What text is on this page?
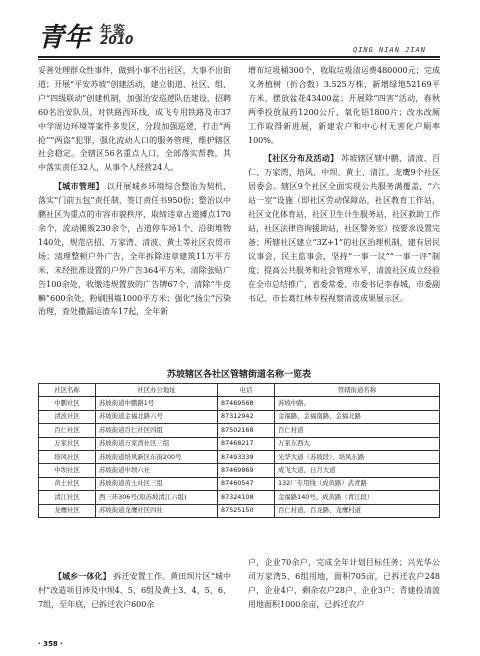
青年 年鉴
2010
QING NIAN JIAN

妥善处理群众性事件，做到小事不出社区，大事不出街道；开展“平安苏坡”创建活动，建立街道、社区、组、户“四级联动”创建机制，加强治安巡逻队伍建设，招聘60名治安队员，对铁路西环线，成飞专用铁路及市37中学周边环境等案件多发区，分段加强巡逻，打击“两抢”“两盗”犯罪，强化流动人口的服务管理，维护辖区社会稳定。全辖区56名重点人口，全部落实帮教，其中落实责任32人，从事个人经营24人。

【城市管理】 以开展城乡环境综合整治为契机，落实“门前五包”责任制，签订责任书950份；整治以中鹏社区为重点的市容市貌秩序，取缔违章占道摊点170余个，流动摊贩230余个，占道停车场1个、沿街堆物140处，规范店招、万家湾、清波、黄土等社区农贸市场；清理整顿户外广告，全年拆除违章建筑11万平方米，未经批准设置的户外广告364平方米，清除张贴广告100余处，收缴违规置放的广告牌67个，清除“牛皮癣”600余处，粉刷围墙1000平方米；强化“扬尘”污染治理，查处撒漏运渣车17起，全年新

增布垃圾桶300个，收取垃圾清运费480000元；完成义务植树（折合数）3.525万株，新增绿地52169平方米，摆放盆花43400盆；开展除“四害”活动，春秋两季投放鼠药1200公斤、氧化铝1800片；改水改厕工作取得新进展，新建农户和中心村无害化户厕率100%。

【社区分布及活动】 苏坡辖区辖中鹏、清波、百仁、万家湾、培风、中坝、黄土、清江、龙鹰9个社区居委会。辖区9个社区全面实现公共服务满覆盖，“六站一室”设施（即社区劳动保障站，社区教育工作站，社区文化体育站，社区卫生计生服务站，社区救助工作站，社区法律咨询援助站，社区警务室）按要求设置完备；所辖社区建立“3Z+1”的社区治理机制，建有居民议事会，民主监事会，坚持“一事一议”“一事一评”制度；提高公共服务和社会管理水平，清波社区成立经验在全市总结推广，省委常委、市委书记李春城，市委副书记、市长葛红林专程视察清波成果展示区。

苏坡辖区各社区管辖街道名称一览表
社区名称	社区办公地址	电话	管辖街道名称
中鹏社区	苏坡街道中鹏路1号	87469568	苏坡中路、
清波社区	苏坡街道金福北路六号	87312942	金福路、金福南路、金福北路
百仁社区	苏坡街道百仁社区四组	87502168	百仁村道
万家社区	苏坡街道万家湾社区三组	87468217	万家东西大
培风社区	苏坡街道培风新区东街200号	87493339	光华大道（苏坡段）、培风东路
中坝社区	苏坡街道中坝六社	87469869	成飞大道、日月大道
黄土社区	苏坡街道黄土社区三组	87460547	132厂专用线（成黄路）武青路
清江社区	西三环306号(原苏坡清江六组)	87324108	金福路140号、成黄路（青江段）
龙鹰社区	苏坡街道龙鹰社区四社	87525150	百仁村道、百龙路、龙鹰村道

【城乡一体化】 拆迁安置工作。黄田坝片区“城中村”改造项目涉及中坝4、5、6组及黄土3、4、5、6、7组，至年底，已拆迁农户600余

户，企业70余户，完成全年计划目标任务；兴光华公司万家湾5、6组用地，面积705亩，已拆迁农户248户，企业4户，剩余农户28户、企业3户；青建投清波用地面积1000余亩，已拆迁农户

· 358 ·
